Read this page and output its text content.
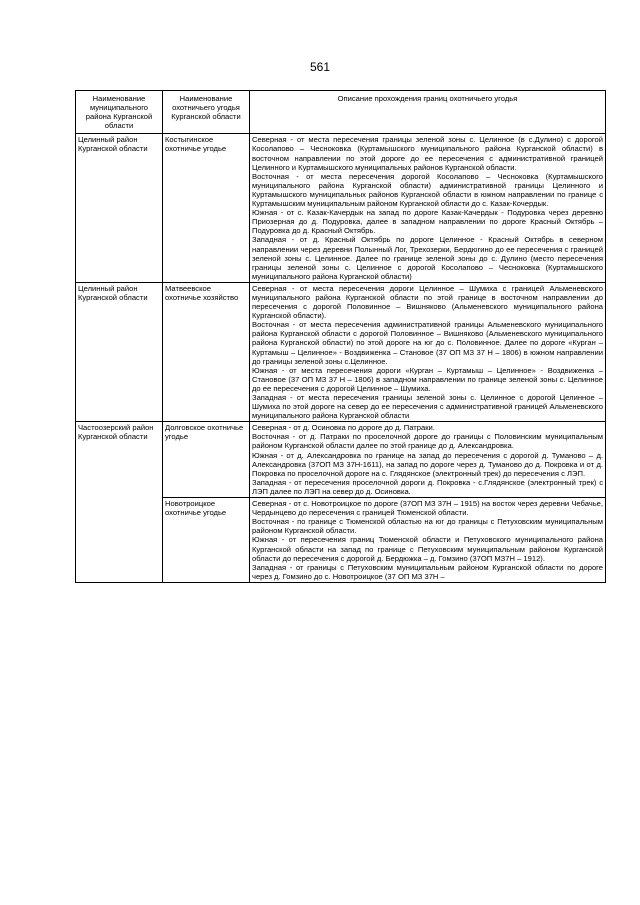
561
Наименование муниципального района Курганской области	Наименование охотничьего угодья Курганской области	Описание прохождения границ охотничьего угодья
Целинный район Курганской области	Костыгинское охотничье угодье	Северная - от места пересечения границы зеленой зоны с. Целинное (в с.Дулино) с дорогой Косолапово – Чесноковка (Куртамышского муниципального района Курганской области) в восточном направлении по этой дороге до ее пересечения с административной границей Целинного и Куртамышского муниципальных районов Курганской области.

Восточная - от места пересечения дорогой Косолапово – Чесноковка (Куртамышского муниципального района Курганской области) административной границы Целинного и Куртамышского муниципальных районов Курганской области в южном направлении по границе с Куртамышским муниципальным районом Курганской области до с. Казак-Кочердык.

Южная - от с. Казак-Качердык на запад по дороге Казак-Качердык - Подуровка через деревню Приозерная до д. Подуровка, далее в западном направлении по дороге Красный Октябрь – Подуровка до д. Красный Октябрь.

Западная - от д. Красный Октябрь по дороге Целинное - Красный Октябрь в северном направлении через деревни Полынный Лог, Трехозерки, Бердюгино до ее пересечения с границей зеленой зоны с. Целинное. Далее по границе зеленой зоны до с. Дулино (место пересечения границы зеленой зоны с. Целинное с дорогой Косолапово – Чесноковка (Куртамышского муниципального района Курганской области)

Целинный район Курганской области	Матвеевское охотничье хозяйство	Северная - от места пересечения дороги Целинное – Шумиха с границей Альменевского муниципального района Курганской области по этой границе в восточном направлении до пересечения с дорогой Половинное – Вишняково (Альменевского муниципального района Курганской области).

Восточная - от места пересечения административной границы Альменевского муниципального района Курганской области с дорогой Половинное – Вишняково (Альменевского муниципального района Курганской области) по этой дороге на юг до с. Половинное. Далее по дороге «Курган – Куртамыш – Целинное» - Воздвиженка – Становое (37 ОП МЗ 37 Н – 1806) в южном направлении до границы зеленой зоны с.Целинное.

Южная - от места пересечения дороги «Курган – Куртамыш – Целинное» - Воздвиженка – Становое (37 ОП МЗ 37 Н – 1806) в западном направлении по границе зеленой зоны с. Целинное до ее пересечения с дорогой Целинное – Шумиха.

Западная - от места пересечения границы зеленой зоны с. Целинное с дорогой Целинное – Шумиха по этой дороге на север до ее пересечения с административной границей Альменевского муниципального района Курганской области

Частоозерский район Курганской области	Долговское охотничье угодье	Северная - от д. Осиновка по дороге до д. Патраки.

Восточная - от д. Патраки по проселочной дороге до границы с Половинским муниципальным районом Курганской области далее по этой границе до д. Александровка.

Южная - от д. Александровка по границе на запад до пересечения с дорогой д. Туманово – д. Александровка (37ОП МЗ 37Н-1611), на запад по дороге через д. Туманово до д. Покровка и от д. Покровка по проселочной дороге на с. Глядянское (электронный трек) до пересечения с ЛЭП.

Западная - от пересечения проселочной дороги д. Покровка - с.Глядянское (электронный трек) с ЛЭП далее по ЛЭП на север до д. Осиновка.

	Новотроицкое охотничье угодье	Северная - от с. Новотроицкое по дороге (37ОП МЗ 37Н – 1915) на восток через деревни Чебачье, Чердынцево до пересечения с границей Тюменской области.

Восточная - по границе с Тюменской областью на юг до границы с Петуховским муниципальным районом Курганской области.

Южная - от пересечения границ Тюменской области и Петуховского муниципального района Курганской области на запад по границе с Петуховским муниципальным районом Курганской области до пересечения с дорогой д. Бердюжка – д. Гомзино (37ОП МЗ7Н – 1912).

Западная - от границы с Петуховским муниципальным районом Курганской области по дороге через д. Гомзино до с. Новотроицкое (37 ОП МЗ 37Н –
